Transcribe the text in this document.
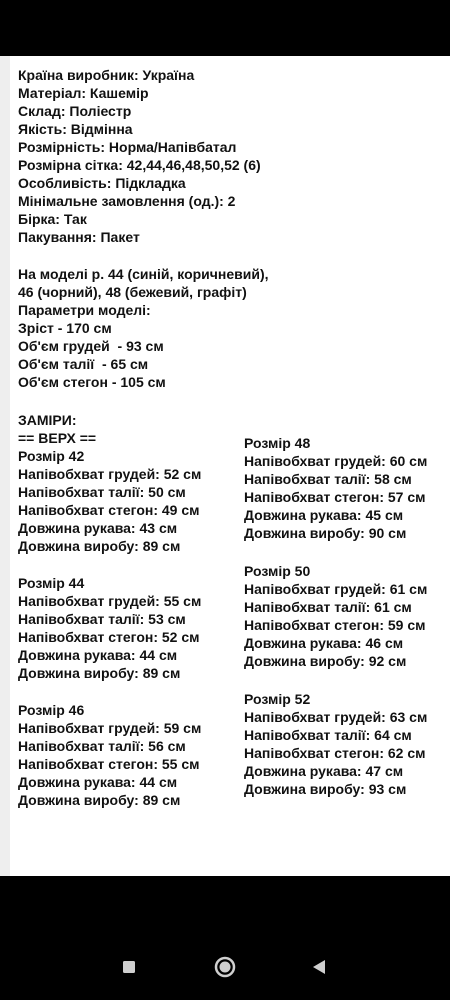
Країна виробник: Україна

Матеріал: Кашемір

Склад: Поліестр

Якість: Відмінна

Розмірність: Норма/Напівбатал

Розмірна сітка: 42,44,46,48,50,52 (6)

Особливість: Підкладка

Мінімальне замовлення (од.): 2

Бірка: Так

Пакування: Пакет

На моделі р. 44 (синій, коричневий),

46 (чорний), 48 (бежевий, графіт)

Параметри моделі:

Зріст - 170 см

Об'єм грудей  - 93 см

Об'єм талії  - 65 см

Об'єм стегон - 105 см

ЗАМІРИ:

== ВЕРХ ==

Розмір 42

Напівобхват грудей: 52 см

Напівобхват талії: 50 см

Напівобхват стегон: 49 см

Довжина рукава: 43 см

Довжина виробу: 89 см

Розмір 44

Напівобхват грудей: 55 см

Напівобхват талії: 53 см

Напівобхват стегон: 52 см

Довжина рукава: 44 см

Довжина виробу: 89 см

Розмір 46

Напівобхват грудей: 59 см

Напівобхват талії: 56 см

Напівобхват стегон: 55 см

Довжина рукава: 44 см

Довжина виробу: 89 см

Розмір 48

Напівобхват грудей: 60 см

Напівобхват талії: 58 см

Напівобхват стегон: 57 см

Довжина рукава: 45 см

Довжина виробу: 90 см

Розмір 50

Напівобхват грудей: 61 см

Напівобхват талії: 61 см

Напівобхват стегон: 59 см

Довжина рукава: 46 см

Довжина виробу: 92 см

Розмір 52

Напівобхват грудей: 63 см

Напівобхват талії: 64 см

Напівобхват стегон: 62 см

Довжина рукава: 47 см

Довжина виробу: 93 см
